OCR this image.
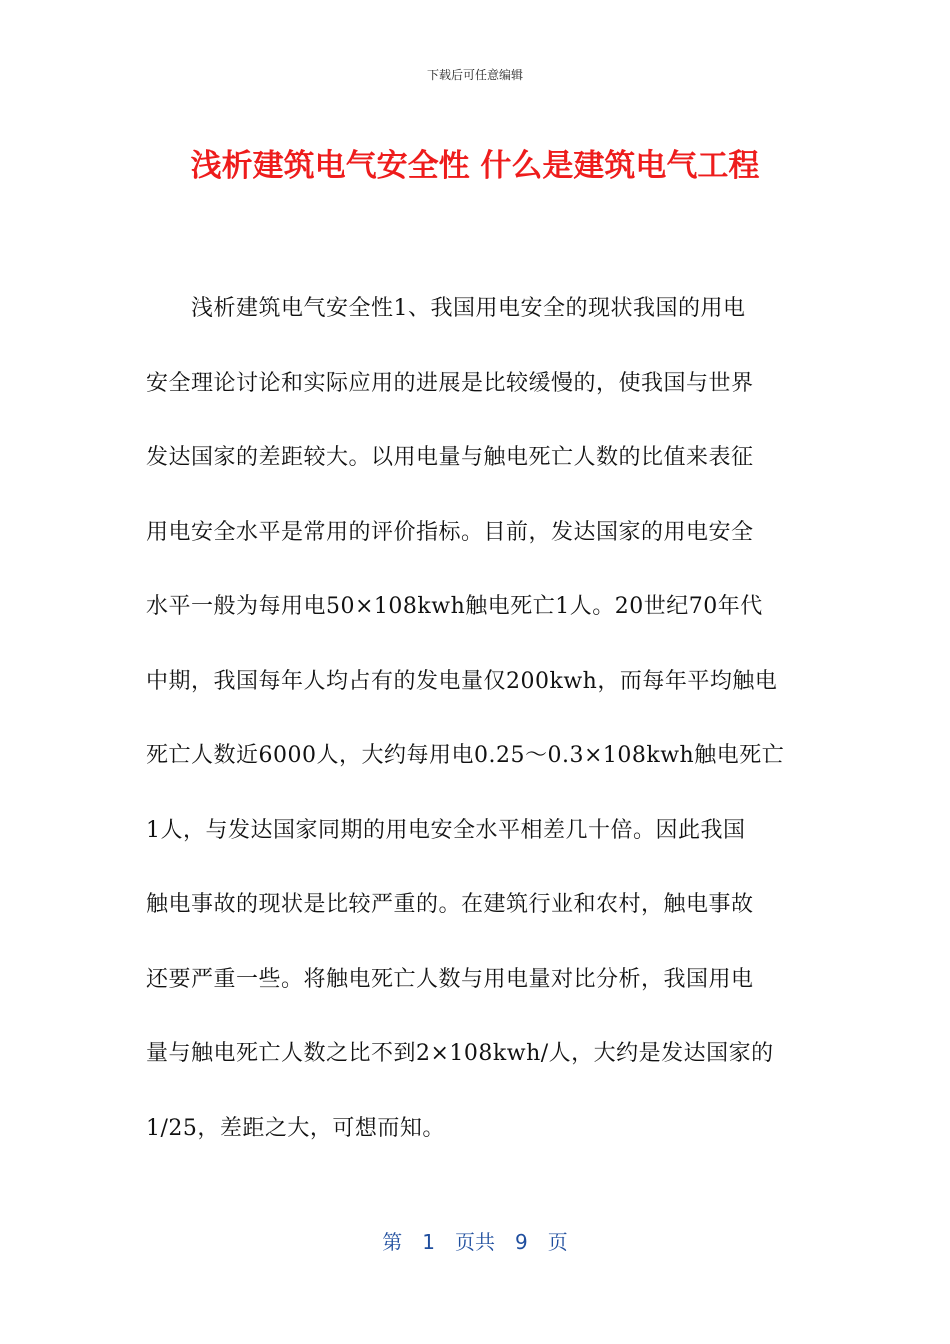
下载后可任意编辑
浅析建筑电气安全性 什么是建筑电气工程
　　浅析建筑电气安全性1、我国用电安全的现状我国的用电
安全理论讨论和实际应用的进展是比较缓慢的，使我国与世界
发达国家的差距较大。以用电量与触电死亡人数的比值来表征
用电安全水平是常用的评价指标。目前，发达国家的用电安全
水平一般为每用电50×108kwh触电死亡1人。20世纪70年代
中期，我国每年人均占有的发电量仅200kwh，而每年平均触电
死亡人数近6000人，大约每用电0.25～0.3×108kwh触电死亡
1人，与发达国家同期的用电安全水平相差几十倍。因此我国
触电事故的现状是比较严重的。在建筑行业和农村，触电事故
还要严重一些。将触电死亡人数与用电量对比分析，我国用电
量与触电死亡人数之比不到2×108kwh/人，大约是发达国家的
1/25，差距之大，可想而知。
第　1　页共　9　页
